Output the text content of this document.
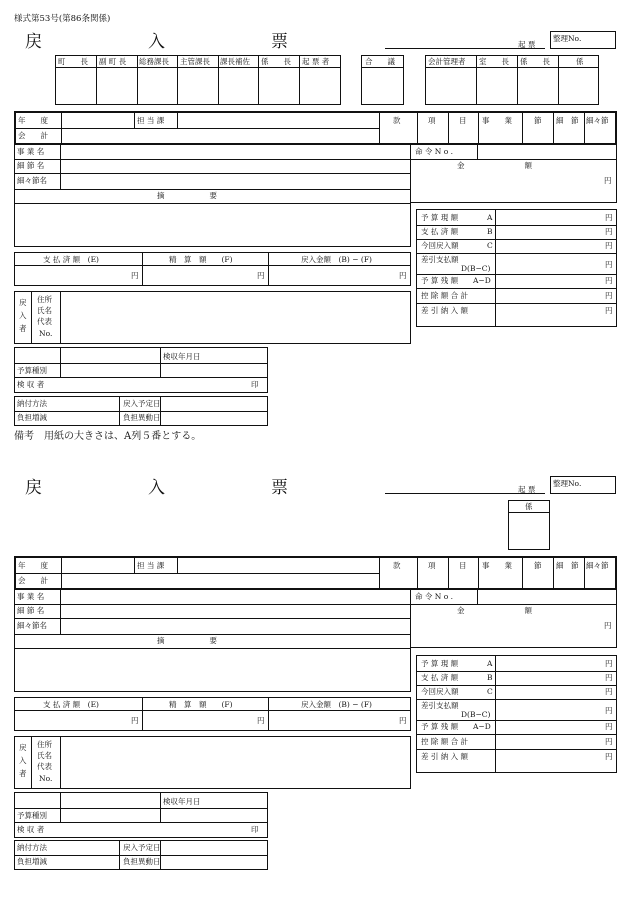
様式第53号(第86条関係)
戻	入	票	起 票
整理No.
町　　長 副 町 長 総務課長 主管課長 課長補佐 係　　長 起 票 者	合　　議	会計管理者 室　　長 係　　長	係
年　　度	担 当 課
会　　計
款	項	目 事　　業	節 細　節 細々節
事 業 名
細 節 名
細々節名
摘　　　　　　要
命 令 N o .
金　　　　　　　　額
円
予 算 現 額	A	円
支 払 済 額	B	円
今回戻入額	C	円
差引支払額
D(B−C)	円
予 算 残 額 A−D	円
控 除 額 合 計	円
差 引 納 入 額	円
支 払 済 額　(E)	精　算　額　　(F)	戻入金額　(B) − (F)
円	円	円
戻
入
者
住所
氏名
代表
No.
検収年月日
予算種別
検 収 者	印
納付方法	戻入予定日
負担増減	負担異動日
備考　用紙の大きさは、A列５番とする。
戻	入	票	起 票
整理No.
係
年　　度	担 当 課
会　　計
款	項	目 事　　業	節 細　節 細々節
事 業 名
細 節 名
細々節名
摘　　　　　　要
命 令 N o .
金　　　　　　　　額
円
予 算 現 額	A	円
支 払 済 額	B	円
今回戻入額	C	円
差引支払額
D(B−C)	円
予 算 残 額 A−D	円
控 除 額 合 計	円
差 引 納 入 額	円
支 払 済 額　(E)	精　算　額　　(F)	戻入金額　(B) − (F)
円	円	円
戻
入
者
住所
氏名
代表
No.
検収年月日
予算種別
検 収 者	印
納付方法	戻入予定日
負担増減	負担異動日
